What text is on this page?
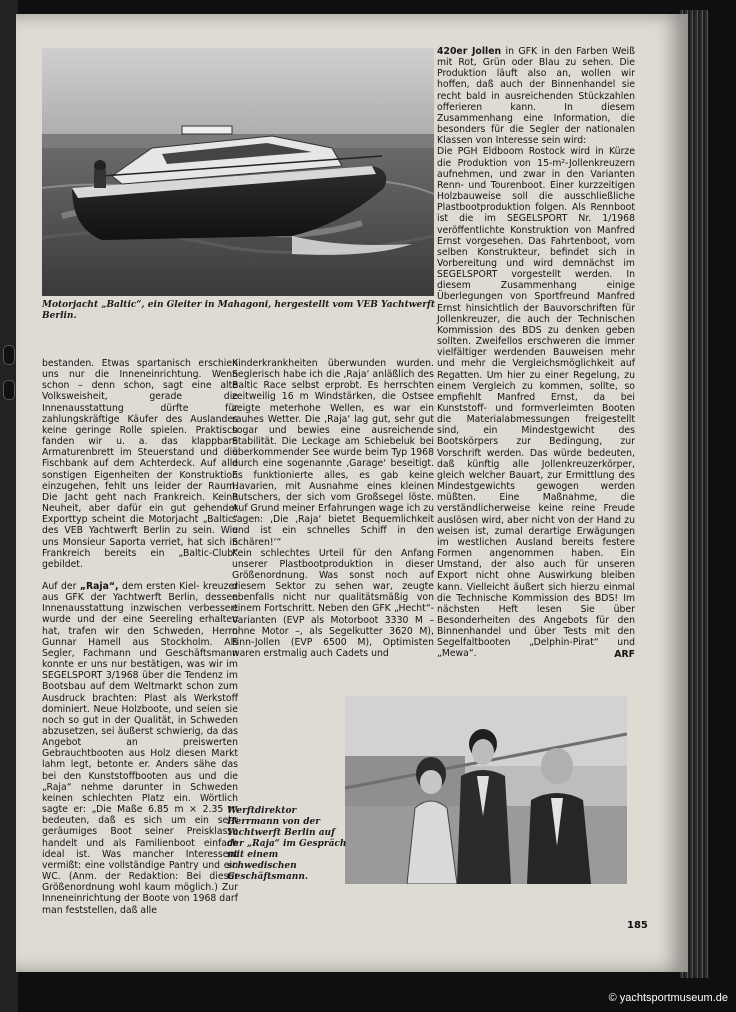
Motorjacht „Baltic“, ein Gleiter in Mahagoni, hergestellt vom VEB Yachtwerft Berlin.

bestanden. Etwas spartanisch erschien uns nur die Inneneinrichtung. Wenn schon – denn schon, sagt eine alte Volksweisheit, gerade die Innenausstattung dürfte für zahlungskräftige Käufer des Auslandes keine geringe Rolle spielen. Praktisch fanden wir u. a. das klappbare Armaturenbrett im Steuerstand und die Fischbank auf dem Achterdeck. Auf alle sonstigen Eigenheiten der Konstruktion einzugehen, fehlt uns leider der Raum. Die Jacht geht nach Frankreich. Keine Neuheit, aber dafür ein gut gehender Exporttyp scheint die Motorjacht „Baltic“ des VEB Yachtwerft Berlin zu sein. Wie uns Monsieur Saporta verriet, hat sich in Frankreich bereits ein „Baltic-Club“ gebildet.

Auf der „Raja“, dem ersten Kiel- kreuzer aus GFK der Yachtwerft Berlin, dessen Innenausstattung inzwischen verbessert wurde und der eine Seereling erhalten hat, trafen wir den Schweden, Herrn Gunnar Hamell aus Stockholm. Als Segler, Fachmann und Geschäftsmann konnte er uns nur bestätigen, was wir im SEGELSPORT 3/1968 über die Tendenz im Bootsbau auf dem Weltmarkt schon zum Ausdruck brachten: Plast als Werkstoff dominiert. Neue Holzboote, und seien sie noch so gut in der Qualität, in Schweden abzusetzen, sei äußerst schwierig, da das Angebot an preiswerten Gebrauchtbooten aus Holz diesen Markt lahm legt, betonte er. Anders sähe das bei den Kunststoffbooten aus und die „Raja“ nehme darunter in Schweden keinen schlechten Platz ein. Wörtlich sagte er: „Die Maße 6.85 m × 2.35 m bedeuten, daß es sich um ein sehr geräumiges Boot seiner Preisklasse handelt und als Familienboot einfach ideal ist. Was mancher Interessent vermißt: eine vollständige Pantry und ein WC. (Anm. der Redaktion: Bei dieser Größenordnung wohl kaum möglich.) Zur Inneneinrichtung der Boote von 1968 darf man feststellen, daß alle

Kinderkrankheiten überwunden wurden. Seglerisch habe ich die ‚Raja‘ anläßlich des Baltic Race selbst erprobt. Es herrschten zeitweilig 16 m Windstärken, die Ostsee zeigte meterhohe Wellen, es war ein rauhes Wetter. Die ‚Raja‘ lag gut, sehr gut sogar und bewies eine ausreichende Stabilität. Die Leckage am Schiebeluk bei überkommender See wurde beim Typ 1968 durch eine sogenannte ‚Garage‘ beseitigt. Es funktionierte alles, es gab keine Havarien, mit Ausnahme eines kleinen Rutschers, der sich vom Großsegel löste. Auf Grund meiner Erfahrungen wage ich zu sagen: ‚Die ‚Raja‘ bietet Bequemlichkeit und ist ein schnelles Schiff in den Schären!‘“

Kein schlechtes Urteil für den Anfang unserer Plastbootproduktion in dieser Größenordnung. Was sonst noch auf diesem Sektor zu sehen war, zeugte ebenfalls nicht nur qualitätsmäßig von einem Fortschritt. Neben den GFK „Hecht“-Varianten (EVP als Motorboot 3330 M – ohne Motor –, als Segelkutter 3620 M), Finn-Jollen (EVP 6500 M), Optimisten waren erstmalig auch Cadets und

420er Jollen in GFK in den Farben Weiß mit Rot, Grün oder Blau zu sehen. Die Produktion läuft also an, wollen wir hoffen, daß auch der Binnenhandel sie recht bald in ausreichenden Stückzahlen offerieren kann. In diesem Zusammenhang eine Information, die besonders für die Segler der nationalen Klassen von Interesse sein wird:

Die PGH Eldboom Rostock wird in Kürze die Produktion von 15-m²-Jollenkreuzern aufnehmen, und zwar in den Varianten Renn- und Tourenboot. Einer kurzzeitigen Holzbauweise soll die ausschließliche Plastbootproduktion folgen. Als Rennboot ist die im SEGELSPORT Nr. 1/1968 veröffentlichte Konstruktion von Manfred Ernst vorgesehen. Das Fahrtenboot, vom selben Konstrukteur, befindet sich in Vorbereitung und wird demnächst im SEGELSPORT vorgestellt werden. In diesem Zusammenhang einige Überlegungen von Sportfreund Manfred Ernst hinsichtlich der Bauvorschriften für Jollenkreuzer, die auch der Technischen Kommission des BDS zu denken geben sollten. Zweifellos erschweren die immer vielfältiger werdenden Bauweisen mehr und mehr die Vergleichsmöglichkeit auf Regatten. Um hier zu einer Regelung, zu einem Vergleich zu kommen, sollte, so empfiehlt Manfred Ernst, da bei Kunststoff- und formverleimten Booten die Materialabmessungen freigestellt sind, ein Mindestgewicht des Bootskörpers zur Bedingung, zur Vorschrift werden. Das würde bedeuten, daß künftig alle Jollenkreuzerkörper, gleich welcher Bauart, zur Ermittlung des Mindestgewichts gewogen werden müßten. Eine Maßnahme, die verständlicherweise keine reine Freude auslösen wird, aber nicht von der Hand zu weisen ist, zumal derartige Erwägungen im westlichen Ausland bereits festere Formen angenommen haben. Ein Umstand, der also auch für unseren Export nicht ohne Auswirkung bleiben kann. Vielleicht äußert sich hierzu einmal die Technische Kommission des BDS! Im nächsten Heft lesen Sie über Besonderheiten des Angebots für den Binnenhandel und über Tests mit den Segelfaltbooten „Delphin-Pirat“ und „Mewa“.	ARF
Werftdirektor Herrmann von der Yachtwerft Berlin auf der „Raja“ im Gespräch mit einem schwedischen Geschäftsmann.
185
© yachtsportmuseum.de
